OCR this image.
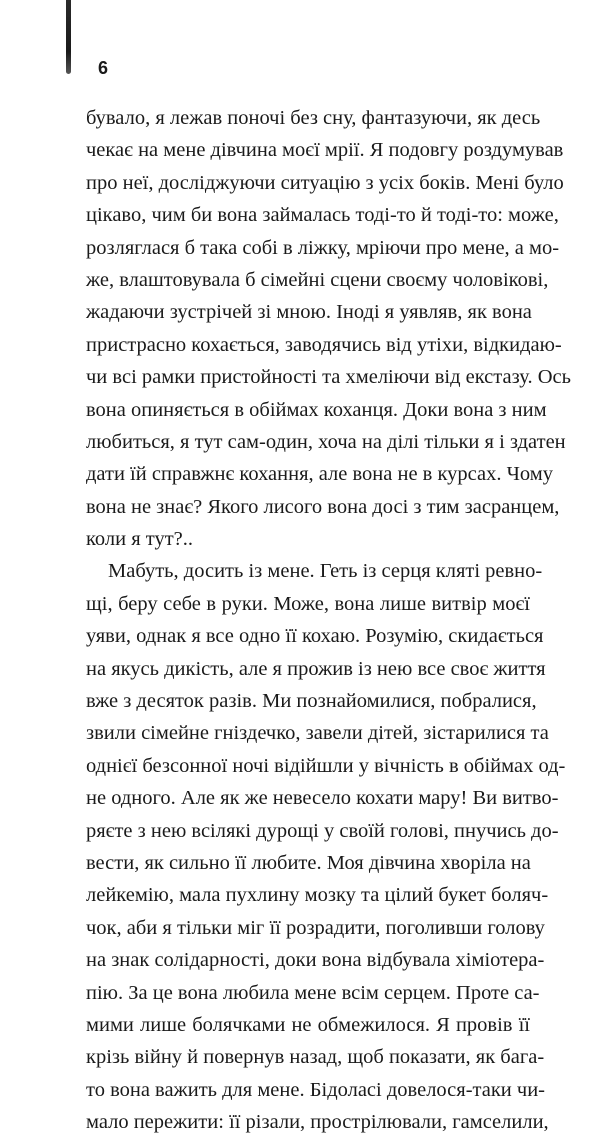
6

бувало, я лежав поночі без сну, фантазуючи, як десь
чекає на мене дівчина моєї мрії. Я подовгу роздумував
про неї, досліджуючи ситуацію з усіх боків. Мені було
цікаво, чим би вона займалась тоді-то й тоді-то: може,
розляглася б така собі в ліжку, мріючи про мене, а мо-
же, влаштовувала б сімейні сцени своєму чоловікові,
жадаючи зустрічей зі мною. Іноді я уявляв, як вона
пристрасно кохається, заводячись від утіхи, відкидаю-
чи всі рамки пристойності та хмеліючи від екстазу. Ось
вона опиняється в обіймах коханця. Доки вона з ним
любиться, я тут сам-один, хоча на ділі тільки я і здатен
дати їй справжнє кохання, але вона не в курсах. Чому
вона не знає? Якого лисого вона досі з тим засранцем,
коли я тут?..
Мабуть, досить із мене. Геть із серця кляті ревно-
щі, беру себе в руки. Може, вона лише витвір моєї
уяви, однак я все одно її кохаю. Розумію, скидається
на якусь дикість, але я прожив із нею все своє життя
вже з десяток разів. Ми познайомилися, побралися,
звили сімейне гніздечко, завели дітей, зістарилися та
однієї безсонної ночі відійшли у вічність в обіймах од-
не одного. Але як же невесело кохати мару! Ви витво-
ряєте з нею всілякі дурощі у своїй голові, пнучись до-
вести, як сильно її любите. Моя дівчина хворіла на
лейкемію, мала пухлину мозку та цілий букет боляч-
чок, аби я тільки міг її розрадити, поголивши голову
на знак солідарності, доки вона відбувала хіміотера-
пію. За це вона любила мене всім серцем. Проте са-
мими лише болячками не обмежилося. Я провів її
крізь війну й повернув назад, щоб показати, як бага-
то вона важить для мене. Бідоласі довелося-таки чи-
мало пережити: її різали, прострілювали, гамселили,
